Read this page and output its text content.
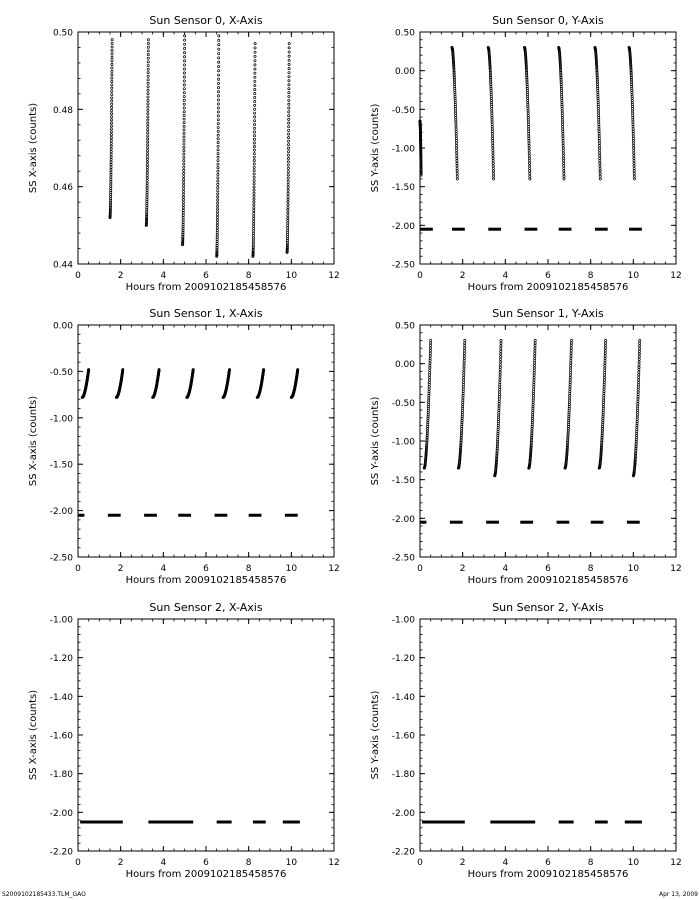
Sun Sensor 0, X-Axis
0	2	4	6	8	10	12
0.44
0.46
0.48
0.50
Hours from 2009102185458576
SS X-axis (counts)
Sun Sensor 0, Y-Axis
0	2	4	6	8	10	12
-2.50
-2.00
-1.50
-1.00
-0.50
0.00
0.50
Hours from 2009102185458576
SS Y-axis (counts)
Sun Sensor 1, X-Axis
0	2	4	6	8	10	12
-2.50
-2.00
-1.50
-1.00
-0.50
0.00
Hours from 2009102185458576
SS X-axis (counts)
Sun Sensor 1, Y-Axis
0	2	4	6	8	10	12
-2.50
-2.00
-1.50
-1.00
-0.50
0.00
0.50
Hours from 2009102185458576
SS Y-axis (counts)
Sun Sensor 2, X-Axis
0	2	4	6	8	10	12
-2.20
-2.00
-1.80
-1.60
-1.40
-1.20
-1.00
Hours from 2009102185458576
SS X-axis (counts)
Sun Sensor 2, Y-Axis
0	2	4	6	8	10	12
-2.20
-2.00
-1.80
-1.60
-1.40
-1.20
-1.00
Hours from 2009102185458576
SS Y-axis (counts)
S2009102185433.TLM_GAO	Apr 13, 2009
